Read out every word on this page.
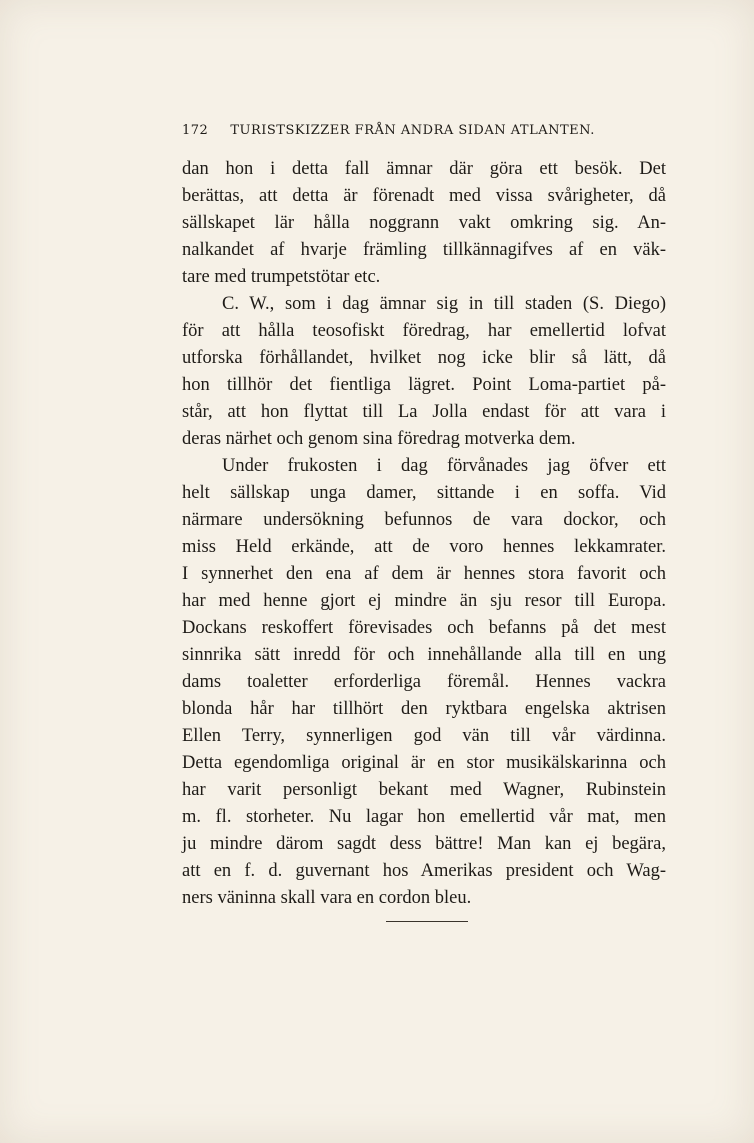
172 TURISTSKIZZER FRÅN ANDRA SIDAN ATLANTEN.
dan hon i detta fall ämnar där göra ett besök. Det
berättas, att detta är förenadt med vissa svårigheter, då
sällskapet lär hålla noggrann vakt omkring sig. An-
nalkandet af hvarje främling tillkännagifves af en väk-
tare med trumpetstötar etc.
C. W., som i dag ämnar sig in till staden (S. Diego)
för att hålla teosofiskt föredrag, har emellertid lofvat
utforska förhållandet, hvilket nog icke blir så lätt, då
hon tillhör det fientliga lägret. Point Loma-partiet på-
står, att hon flyttat till La Jolla endast för att vara i
deras närhet och genom sina föredrag motverka dem.
Under frukosten i dag förvånades jag öfver ett
helt sällskap unga damer, sittande i en soffa. Vid
närmare undersökning befunnos de vara dockor, och
miss Held erkände, att de voro hennes lekkamrater.
I synnerhet den ena af dem är hennes stora favorit och
har med henne gjort ej mindre än sju resor till Europa.
Dockans reskoffert förevisades och befanns på det mest
sinnrika sätt inredd för och innehållande alla till en ung
dams toaletter erforderliga föremål. Hennes vackra
blonda hår har tillhört den ryktbara engelska aktrisen
Ellen Terry, synnerligen god vän till vår värdinna.
Detta egendomliga original är en stor musikälskarinna och
har varit personligt bekant med Wagner, Rubinstein
m. fl. storheter. Nu lagar hon emellertid vår mat, men
ju mindre därom sagdt dess bättre! Man kan ej begära,
att en f. d. guvernant hos Amerikas president och Wag-
ners väninna skall vara en cordon bleu.
